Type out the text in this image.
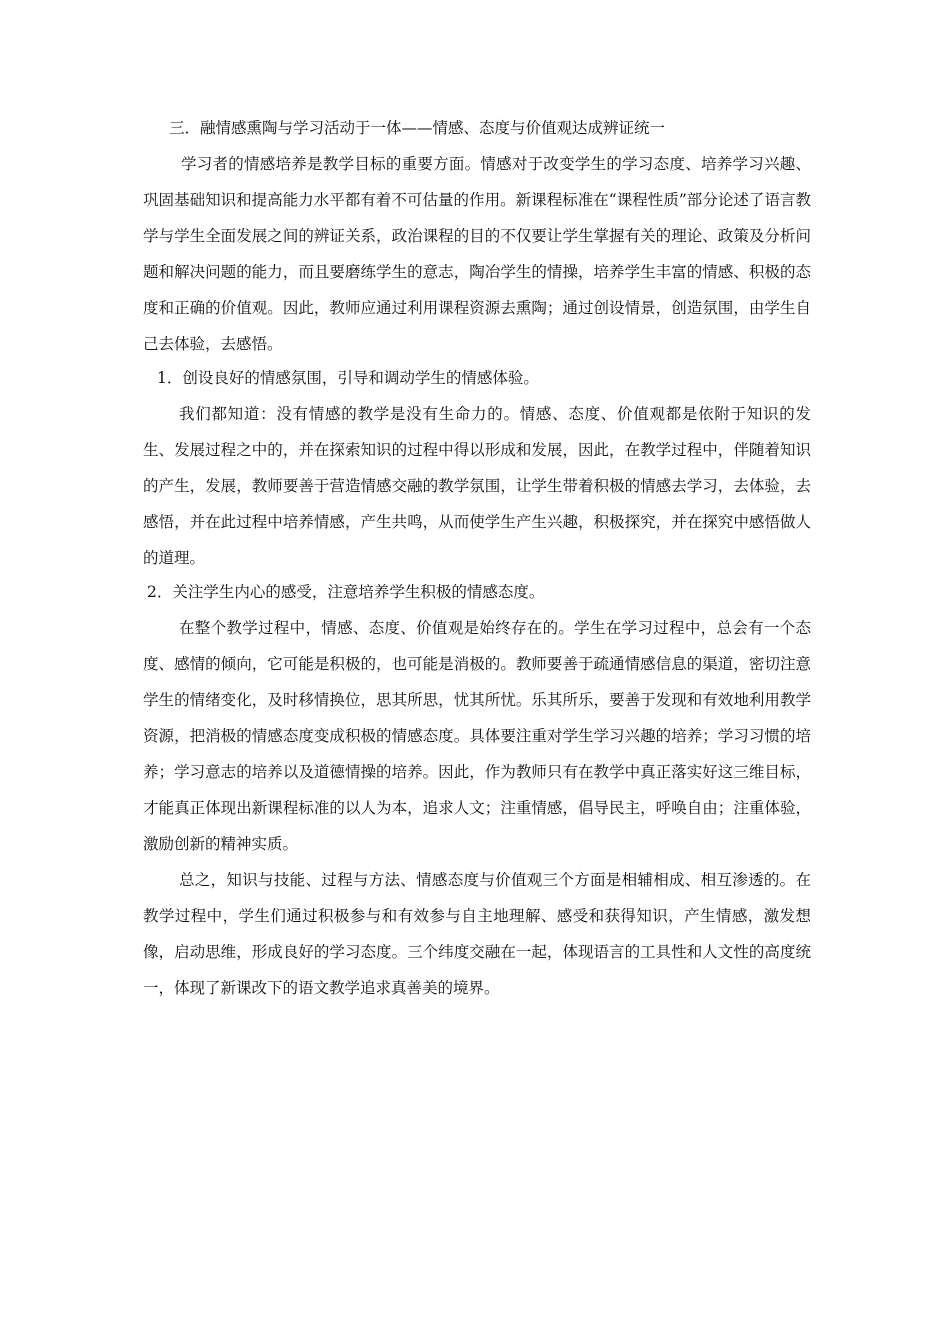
三．融情感熏陶与学习活动于一体——情感、态度与价值观达成辨证统一

学习者的情感培养是教学目标的重要方面。情感对于改变学生的学习态度、培养学习兴趣、巩固基础知识和提高能力水平都有着不可估量的作用。新课程标准在“课程性质”部分论述了语言教学与学生全面发展之间的辨证关系，政治课程的目的不仅要让学生掌握有关的理论、政策及分析问题和解决问题的能力，而且要磨练学生的意志，陶冶学生的情操，培养学生丰富的情感、积极的态度和正确的价值观。因此，教师应通过利用课程资源去熏陶；通过创设情景，创造氛围，由学生自己去体验，去感悟。

1．创设良好的情感氛围，引导和调动学生的情感体验。

我们都知道：没有情感的教学是没有生命力的。情感、态度、价值观都是依附于知识的发生、发展过程之中的，并在探索知识的过程中得以形成和发展，因此，在教学过程中，伴随着知识的产生，发展，教师要善于营造情感交融的教学氛围，让学生带着积极的情感去学习，去体验，去感悟，并在此过程中培养情感，产生共鸣，从而使学生产生兴趣，积极探究，并在探究中感悟做人的道理。

2．关注学生内心的感受，注意培养学生积极的情感态度。

在整个教学过程中，情感、态度、价值观是始终存在的。学生在学习过程中，总会有一个态度、感情的倾向，它可能是积极的，也可能是消极的。教师要善于疏通情感信息的渠道，密切注意学生的情绪变化，及时移情换位，思其所思，忧其所忧。乐其所乐，要善于发现和有效地利用教学资源，把消极的情感态度变成积极的情感态度。具体要注重对学生学习兴趣的培养；学习习惯的培养；学习意志的培养以及道德情操的培养。因此，作为教师只有在教学中真正落实好这三维目标，才能真正体现出新课程标准的以人为本，追求人文；注重情感，倡导民主，呼唤自由；注重体验，激励创新的精神实质。

总之，知识与技能、过程与方法、情感态度与价值观三个方面是相辅相成、相互渗透的。在教学过程中，学生们通过积极参与和有效参与自主地理解、感受和获得知识，产生情感，激发想像，启动思维，形成良好的学习态度。三个纬度交融在一起，体现语言的工具性和人文性的高度统一，体现了新课改下的语文教学追求真善美的境界。
